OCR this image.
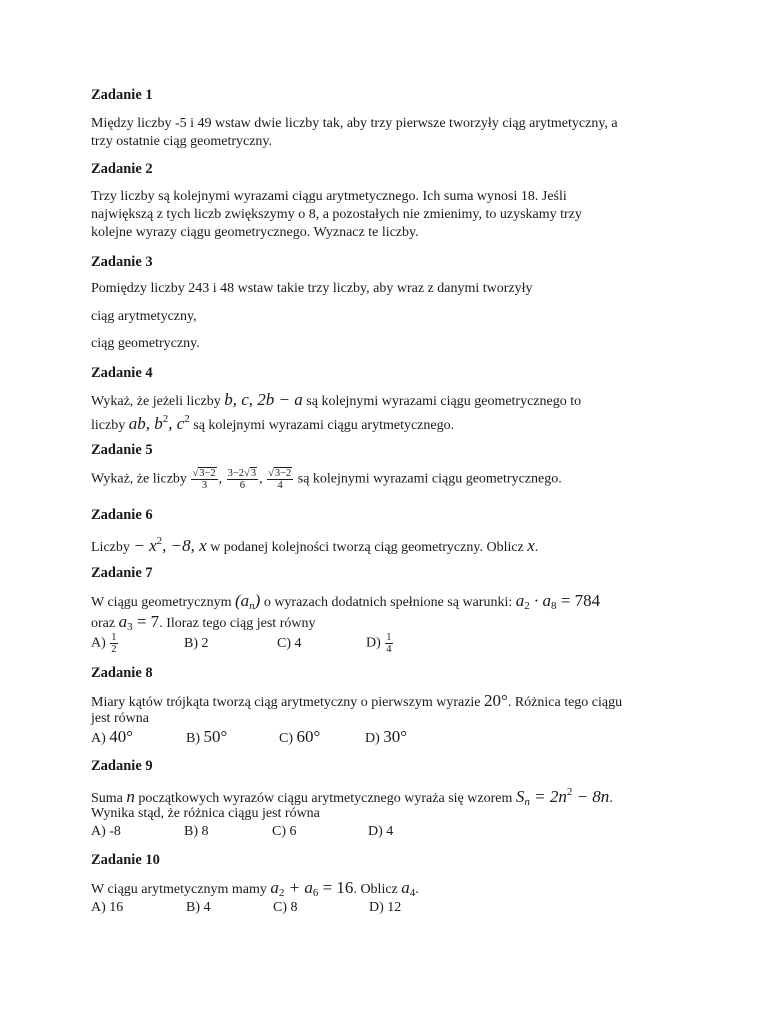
Zadanie 1
Między liczby -5 i 49 wstaw dwie liczby tak, aby trzy pierwsze tworzyły ciąg arytmetyczny, a
trzy ostatnie ciąg geometryczny.
Zadanie 2
Trzy liczby są kolejnymi wyrazami ciągu arytmetycznego. Ich suma wynosi 18. Jeśli
największą z tych liczb zwiększymy o 8, a pozostałych nie zmienimy, to uzyskamy trzy
kolejne wyrazy ciągu geometrycznego. Wyznacz te liczby.
Zadanie 3
Pomiędzy liczby 243 i 48 wstaw takie trzy liczby, aby wraz z danymi tworzyły
ciąg arytmetyczny,
ciąg geometryczny.
Zadanie 4
Wykaż, że jeżeli liczby b, c, 2b − a są kolejnymi wyrazami ciągu geometrycznego to
liczby ab, $b^2$, $c^2$ są kolejnymi wyrazami ciągu arytmetycznego.
Zadanie 5
Wykaż, że liczby $\frac{√3-2}{3}$ , $\frac{3-2√3}{6}$ , $\frac{√3-2}{4}$ są kolejnymi wyrazami ciągu geometrycznego.
Zadanie 6
Liczby − $x^2$, −8, x w podanej kolejności tworzą ciąg geometryczny. Oblicz x.
Zadanie 7
W ciągu geometrycznym $(a_n)$ o wyrazach dodatnich spełnione są warunki: $a_2 \cdot a_8 = 784$
oraz $a_3 = 7$. Iloraz tego ciąg jest równy
$A) \frac{1}{2}$	B) 2	C) 4	$D) \frac{1}{4}$
Zadanie 8
Miary kątów trójkąta tworzą ciąg arytmetyczny o pierwszym wyrazie 20°. Różnica tego ciągu
jest równa
A) 40°	B) 50°	C) 60°	D) 30°
Zadanie 9
Suma n początkowych wyrazów ciągu arytmetycznego wyraża się wzorem $S_n = 2n^2 - 8n$.
Wynika stąd, że różnica ciągu jest równa
A) -8	B) 8	C) 6	D) 4
Zadanie 10
W ciągu arytmetycznym mamy $a_2 + a_6 = 16$. Oblicz $a_4$.
A) 16	B) 4	C) 8	D) 12
